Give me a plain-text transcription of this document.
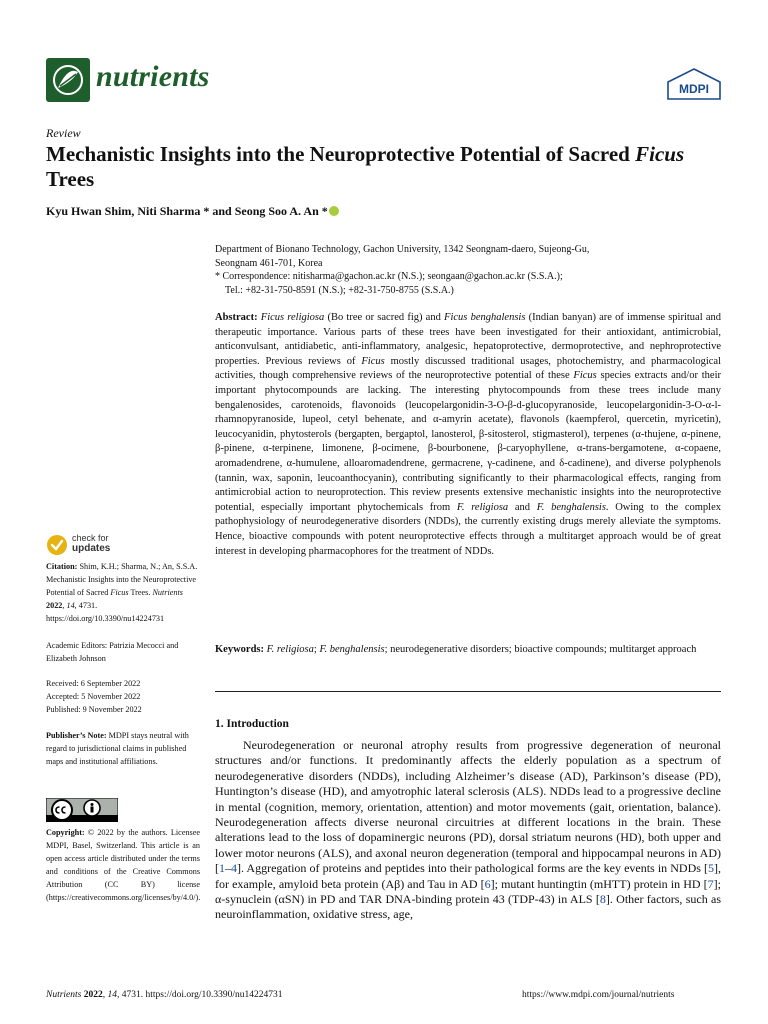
nutrients	MDPI
Review
Mechanistic Insights into the Neuroprotective Potential of Sacred Ficus Trees
Kyu Hwan Shim, Niti Sharma * and Seong Soo A. An *
Department of Bionano Technology, Gachon University, 1342 Seongnam-daero, Sujeong-Gu,
Seongnam 461-701, Korea
* Correspondence: nitisharma@gachon.ac.kr (N.S.); seongaan@gachon.ac.kr (S.S.A.);
Tel.: +82-31-750-8591 (N.S.); +82-31-750-8755 (S.S.A.)
Abstract: Ficus religiosa (Bo tree or sacred fig) and Ficus benghalensis (Indian banyan) are of immense spiritual and therapeutic importance. Various parts of these trees have been investigated for their antioxidant, antimicrobial, anticonvulsant, antidiabetic, anti-inflammatory, analgesic, hepatoprotective, dermoprotective, and nephroprotective properties. Previous reviews of Ficus mostly discussed traditional usages, photochemistry, and pharmacological activities, though comprehensive reviews of the neuroprotective potential of these Ficus species extracts and/or their important phytocompounds are lacking. The interesting phytocompounds from these trees include many bengalenosides, carotenoids, flavonoids (leucopelargonidin-3-O-β-d-glucopyranoside, leucopelargonidin-3-O-α-l-rhamnopyranoside, lupeol, cetyl behenate, and α-amyrin acetate), flavonols (kaempferol, quercetin, myricetin), leucocyanidin, phytosterols (bergapten, bergaptol, lanosterol, β-sitosterol, stigmasterol), terpenes (α-thujene, α-pinene, β-pinene, α-terpinene, limonene, β-ocimene, β-bourbonene, β-caryophyllene, α-trans-bergamotene, α-copaene, aromadendrene, α-humulene, alloaromadendrene, germacrene, γ-cadinene, and δ-cadinene), and diverse polyphenols (tannin, wax, saponin, leucoanthocyanin), contributing significantly to their pharmacological effects, ranging from antimicrobial action to neuroprotection. This review presents extensive mechanistic insights into the neuroprotective potential, especially important phytochemicals from F. religiosa and F. benghalensis. Owing to the complex pathophysiology of neurodegenerative disorders (NDDs), the currently existing drugs merely alleviate the symptoms. Hence, bioactive compounds with potent neuroprotective effects through a multitarget approach would be of great interest in developing pharmacophores for the treatment of NDDs.
Keywords: F. religiosa; F. benghalensis; neurodegenerative disorders; bioactive compounds; multitarget approach
1. Introduction
Neurodegeneration or neuronal atrophy results from progressive degeneration of neuronal structures and/or functions. It predominantly affects the elderly population as a spectrum of neurodegenerative disorders (NDDs), including Alzheimer’s disease (AD), Parkinson’s disease (PD), Huntington’s disease (HD), and amyotrophic lateral sclerosis (ALS). NDDs lead to a progressive decline in mental (cognition, memory, orientation, attention) and motor movements (gait, orientation, balance). Neurodegeneration affects diverse neuronal circuitries at different locations in the brain. These alterations lead to the loss of dopaminergic neurons (PD), dorsal striatum neurons (HD), both upper and lower motor neurons (ALS), and axonal neuron degeneration (temporal and hippocampal neurons in AD) [1–4]. Aggregation of proteins and peptides into their pathological forms are the key events in NDDs [5], for example, amyloid beta protein (Aβ) and Tau in AD [6]; mutant huntingtin (mHTT) protein in HD [7]; α-synuclein (αSN) in PD and TAR DNA-binding protein 43 (TDP-43) in ALS [8]. Other factors, such as neuroinflammation, oxidative stress, age,
check for
updates
Citation: Shim, K.H.; Sharma, N.; An, S.S.A. Mechanistic Insights into the Neuroprotective Potential of Sacred Ficus Trees. Nutrients 2022, 14, 4731. https://doi.org/10.3390/nu14224731
Academic Editors: Patrizia Mecocci and Elizabeth Johnson
Received: 6 September 2022
Accepted: 5 November 2022
Published: 9 November 2022
Publisher’s Note: MDPI stays neutral with regard to jurisdictional claims in published maps and institutional affiliations.
Copyright: © 2022 by the authors. Licensee MDPI, Basel, Switzerland. This article is an open access article distributed under the terms and conditions of the Creative Commons Attribution (CC BY) license (https://creativecommons.org/licenses/by/4.0/).
Nutrients 2022, 14, 4731. https://doi.org/10.3390/nu14224731	https://www.mdpi.com/journal/nutrients
